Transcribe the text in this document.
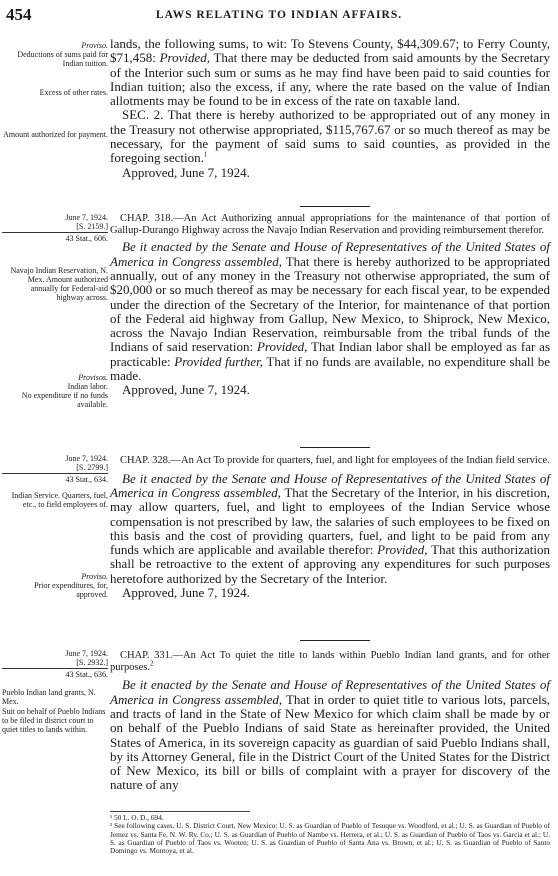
454	LAWS RELATING TO INDIAN AFFAIRS.
Proviso.
Deductions of sums paid for Indian tuition.
Excess of other rates.
Amount authorized for payment.
June 7, 1924.
[S. 2159.]
43 Stat., 606.
Navajo Indian Reservation, N. Mex. Amount authorized annually for Federal-aid highway across.
Provisos.
Indian labor.
No expenditure if no funds available.
June 7, 1924.
[S. 2799.]
43 Stat., 634.
Indian Service. Quarters, fuel, etc., to field employees of.
Proviso.
Prior expenditures, for, approved.
June 7, 1924.
[S. 2932.]
43 Stat., 636.
Pueblo Indian land grants, N. Mex.
Suit on behalf of Pueblo Indians to be filed in district court to quiet titles to lands within.

lands, the following sums, to wit: To Stevens County, $44,309.67; to Ferry County, $71,458: Provided, That there may be deducted from said amounts by the Secretary of the Interior such sum or sums as he may find have been paid to said counties for Indian tuition; also the excess, if any, where the rate based on the value of Indian allotments may be found to be in excess of the rate on taxable land.

SEC. 2. That there is hereby authorized to be appropriated out of any money in the Treasury not otherwise appropriated, $115,767.67 or so much thereof as may be necessary, for the payment of said sums to said counties, as provided in the foregoing section.$^1$

Approved, June 7, 1924.

CHAP. 318.—An Act Authorizing annual appropriations for the maintenance of that portion of Gallup-Durango Highway across the Navajo Indian Reservation and providing reimbursement therefor.

Be it enacted by the Senate and House of Representatives of the United States of America in Congress assembled, That there is hereby authorized to be appropriated annually, out of any money in the Treasury not otherwise appropriated, the sum of $20,000 or so much thereof as may be necessary for each fiscal year, to be expended under the direction of the Secretary of the Interior, for maintenance of that portion of the Federal aid highway from Gallup, New Mexico, to Shiprock, New Mexico, across the Navajo Indian Reservation, reimbursable from the tribal funds of the Indians of said reservation: Provided, That Indian labor shall be employed as far as practicable: Provided further, That if no funds are available, no expenditure shall be made.

Approved, June 7, 1924.

CHAP. 328.—An Act To provide for quarters, fuel, and light for employees of the Indian field service.

Be it enacted by the Senate and House of Representatives of the United States of America in Congress assembled, That the Secretary of the Interior, in his discretion, may allow quarters, fuel, and light to employees of the Indian Service whose compensation is not prescribed by law, the salaries of such employees to be fixed on this basis and the cost of providing quarters, fuel, and light to be paid from any funds which are applicable and available therefor: Provided, That this authorization shall be retroactive to the extent of approving any expenditures for such purposes heretofore authorized by the Secretary of the Interior.

Approved, June 7, 1924.

CHAP. 331.—An Act To quiet the title to lands within Pueblo Indian land grants, and for other purposes.$^2$

Be it enacted by the Senate and House of Representatives of the United States of America in Congress assembled, That in order to quiet title to various lots, parcels, and tracts of land in the State of New Mexico for which claim shall be made by or on behalf of the Pueblo Indians of said State as hereinafter provided, the United States of America, in its sovereign capacity as guardian of said Pueblo Indians shall, by its Attorney General, file in the District Court of the United States for the District of New Mexico, its bill or bills of complaint with a prayer for discovery of the nature of any

¹ 50 L. O. D., 694.
² See following cases, U. S. District Court, New Mexico: U. S. as Guardian of Pueblo of Tesuque vs. Woodford, et al.; U. S. as Guardian of Pueblo of Jemez vs. Santa Fe, N. W. Ry. Co.; U. S. as Guardian of Pueblo of Nambe vs. Herrera, et al.; U. S. as Guardian of Pueblo of Taos vs. Garcia et al.; U. S. as Guardian of Pueblo of Taos vs. Wooten; U. S. as Guardian of Pueblo of Santa Ana vs. Brown, et al.; U. S. as Guardian of Pueblo of Santo Domingo vs. Montoya, et al.
